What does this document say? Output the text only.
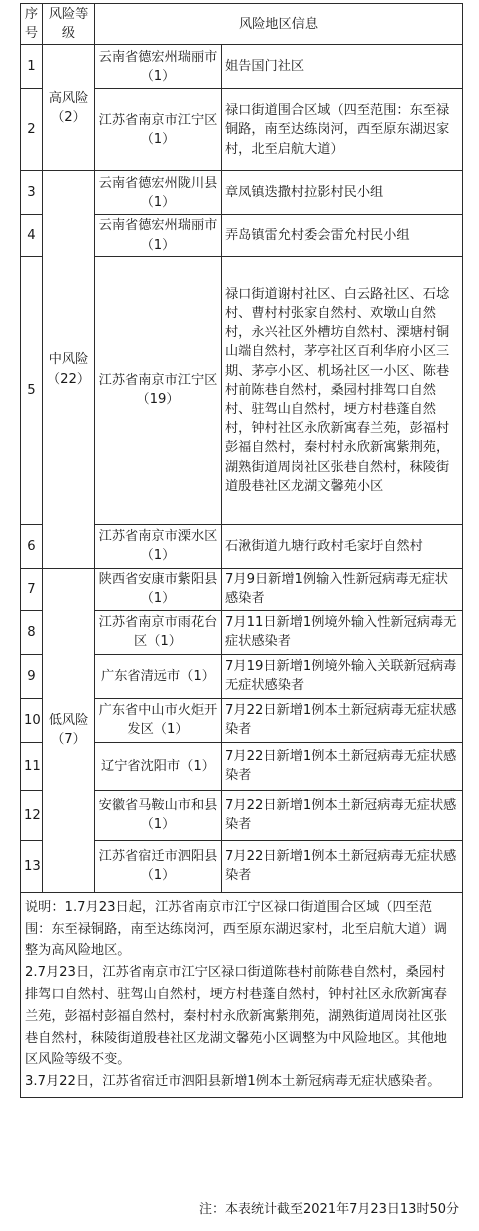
序号	风险等级	风险地区信息	
1	高风险（2）	云南省德宏州瑞丽市（1）	姐告国门社区
2		江苏省南京市江宁区（1）	禄口街道围合区域（四至范围：东至禄铜路，南至达练岗河，西至原东湖迟家村，北至启航大道）
3	中风险（22）	云南省德宏州陇川县（1）	章凤镇迭撒村拉影村民小组
4		云南省德宏州瑞丽市（1）	弄岛镇雷允村委会雷允村民小组
5		江苏省南京市江宁区（19）	禄口街道谢村社区、白云路社区、石埝村、曹村村张家自然村、欢墩山自然村，永兴社区外槽坊自然村、溧塘村铜山端自然村，茅亭社区百利华府小区三期、茅亭小区、机场社区一小区、陈巷村前陈巷自然村，桑园村排驾口自然村、驻驾山自然村，埂方村巷蓬自然村，钟村社区永欣新寓春兰苑，彭福村彭福自然村，秦村村永欣新寓紫荆苑，湖熟街道周岗社区张巷自然村，秣陵街道殷巷社区龙湖文馨苑小区
6		江苏省南京市溧水区（1）	石湫街道九塘行政村毛家圩自然村
7	低风险（7）	陕西省安康市紫阳县（1）	7月9日新增1例输入性新冠病毒无症状感染者
8		江苏省南京市雨花台区（1）	7月11日新增1例境外输入性新冠病毒无症状感染者
9		广东省清远市（1）	7月19日新增1例境外输入关联新冠病毒无症状感染者
10		广东省中山市火炬开发区（1）	7月22日新增1例本土新冠病毒无症状感染者
11		辽宁省沈阳市（1）	7月22日新增1例本土新冠病毒无症状感染者
12		安徽省马鞍山市和县（1）	7月22日新增1例本土新冠病毒无症状感染者
13		江苏省宿迁市泗阳县（1）	7月22日新增1例本土新冠病毒无症状感染者

说明：1.7月23日起，江苏省南京市江宁区禄口街道围合区域（四至范围：东至禄铜路，南至达练岗河，西至原东湖迟家村，北至启航大道）调整为高风险地区。

2.7月23日，江苏省南京市江宁区禄口街道陈巷村前陈巷自然村，桑园村排驾口自然村、驻驾山自然村，埂方村巷蓬自然村，钟村社区永欣新寓春兰苑，彭福村彭福自然村，秦村村永欣新寓紫荆苑，湖熟街道周岗社区张巷自然村，秣陵街道殷巷社区龙湖文馨苑小区调整为中风险地区。其他地区风险等级不变。

3.7月22日，江苏省宿迁市泗阳县新增1例本土新冠病毒无症状感染者。			

注：本表统计截至2021年7月23日13时50分
